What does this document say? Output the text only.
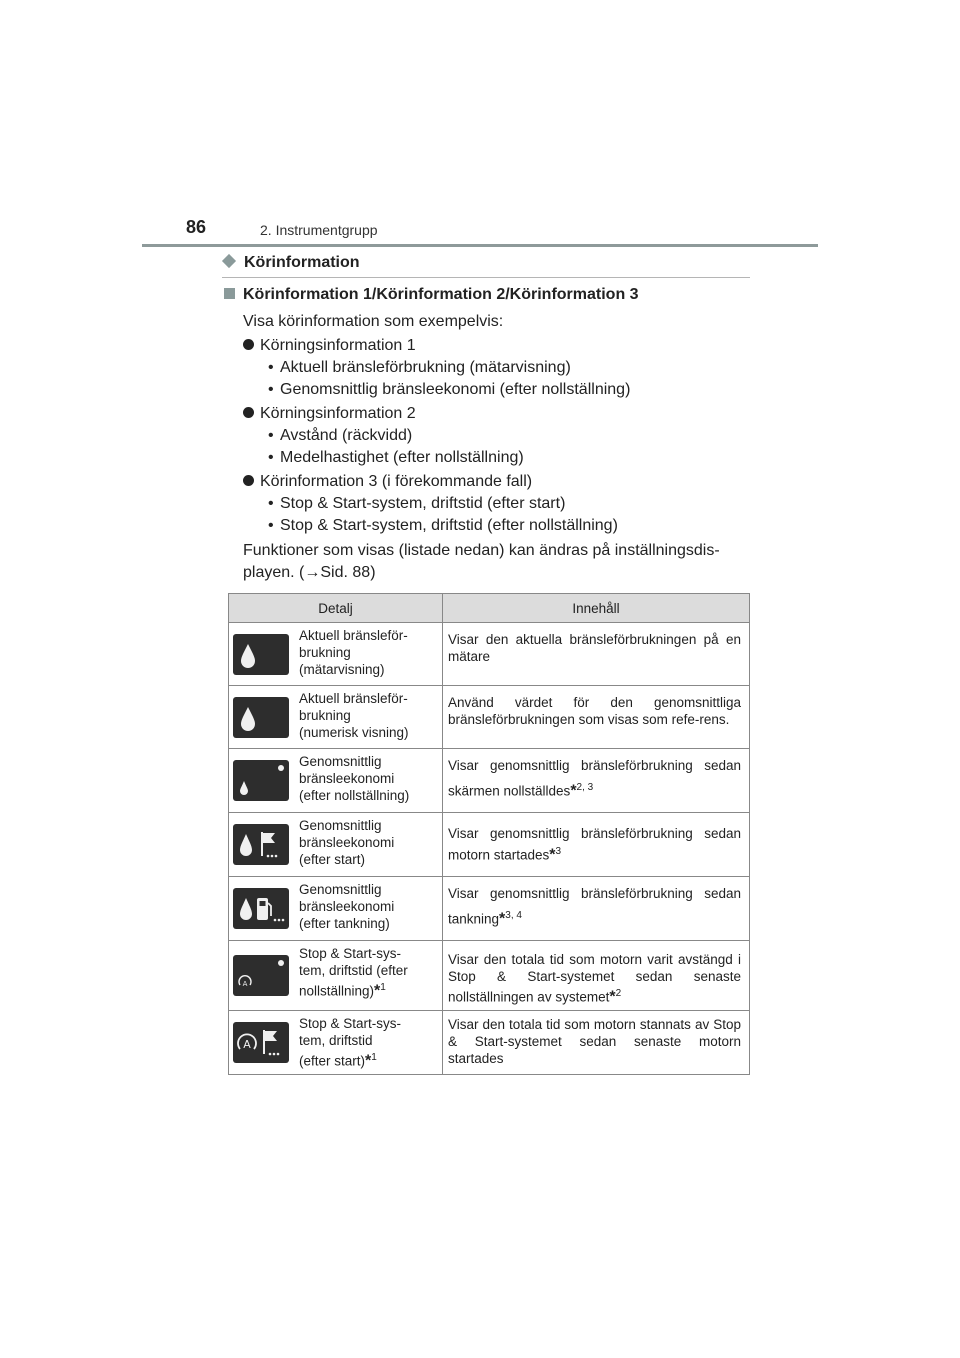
86	2. Instrumentgrupp
Körinformation
Körinformation 1/Körinformation 2/Körinformation 3

Visa körinformation som exempelvis:

Körningsinformation 1

• Aktuell bränsleförbrukning (mätarvisning)

• Genomsnittlig bränsleekonomi (efter nollställning)

Körningsinformation 2

• Avstånd (räckvidd)

• Medelhastighet (efter nollställning)

Körinformation 3 (i förekommande fall)

• Stop & Start-system, driftstid (efter start)

• Stop & Start-system, driftstid (efter nollställning)

Funktioner som visas (listade nedan) kan ändras på inställningsdis-
playen. (→Sid. 88)

Detalj		Innehåll

	Aktuell bränsleför-
brukning
(mätarvisning)	Visar den aktuella bränsleförbrukningen på en mätare

	Aktuell bränsleför-
brukning
(numerisk visning)	Använd värdet för den genomsnittliga bränsleförbrukningen som visas som refe-rens.

	Genomsnittlig
bränsleekonomi
(efter nollställning)	Visar genomsnittlig bränsleförbrukning sedan skärmen nollställdes*$^{2, 3}$

	Genomsnittlig
bränsleekonomi
(efter start)	Visar genomsnittlig bränsleförbrukning sedan motorn startades*$^3$

	Genomsnittlig
bränsleekonomi
(efter tankning)	Visar genomsnittlig bränsleförbrukning sedan tankning*$^{3, 4}$

A	Stop & Start-sys-
tem, driftstid (efter
nollställning)*$^1$	Visar den totala tid som motorn varit avstängd i Stop & Start-systemet sedan senaste nollställningen av systemet*$^2$

A	Stop & Start-sys-
tem, driftstid
(efter start)*$^1$	Visar den totala tid som motorn stannats av Stop & Start-systemet sedan senaste motorn startades
